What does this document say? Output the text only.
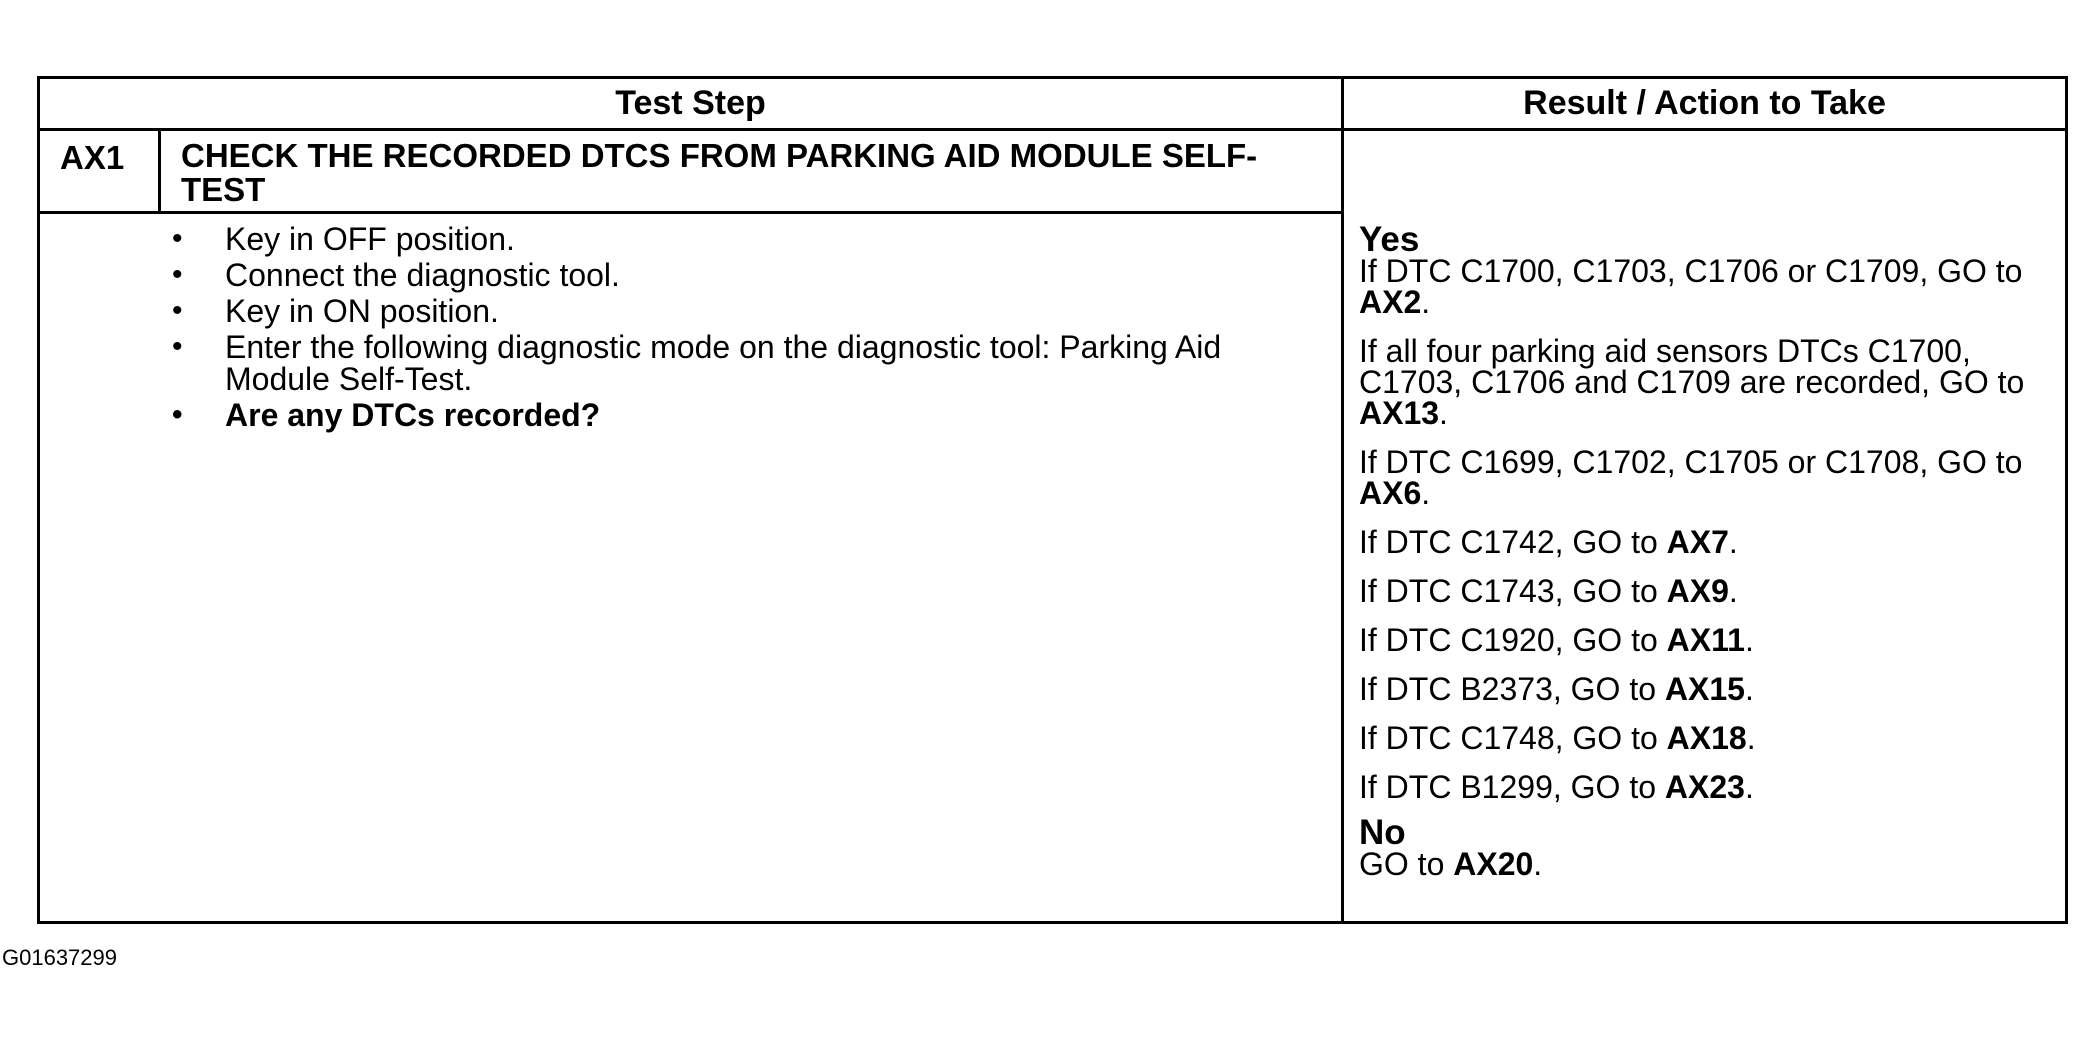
Test Step	Result / Action to Take
AX1	CHECK THE RECORDED DTCS FROM PARKING AID MODULE SELF-TEST
• Key in OFF position.
• Connect the diagnostic tool.
• Key in ON position.
• Enter the following diagnostic mode on the diagnostic tool: Parking Aid Module Self-Test.
• Are any DTCs recorded?
Yes
If DTC C1700, C1703, C1706 or C1709, GO to AX2.
If all four parking aid sensors DTCs C1700, C1703, C1706 and C1709 are recorded, GO to AX13.
If DTC C1699, C1702, C1705 or C1708, GO to AX6.
If DTC C1742, GO to AX7.
If DTC C1743, GO to AX9.
If DTC C1920, GO to AX11.
If DTC B2373, GO to AX15.
If DTC C1748, GO to AX18.
If DTC B1299, GO to AX23.
No
GO to AX20.
G01637299
